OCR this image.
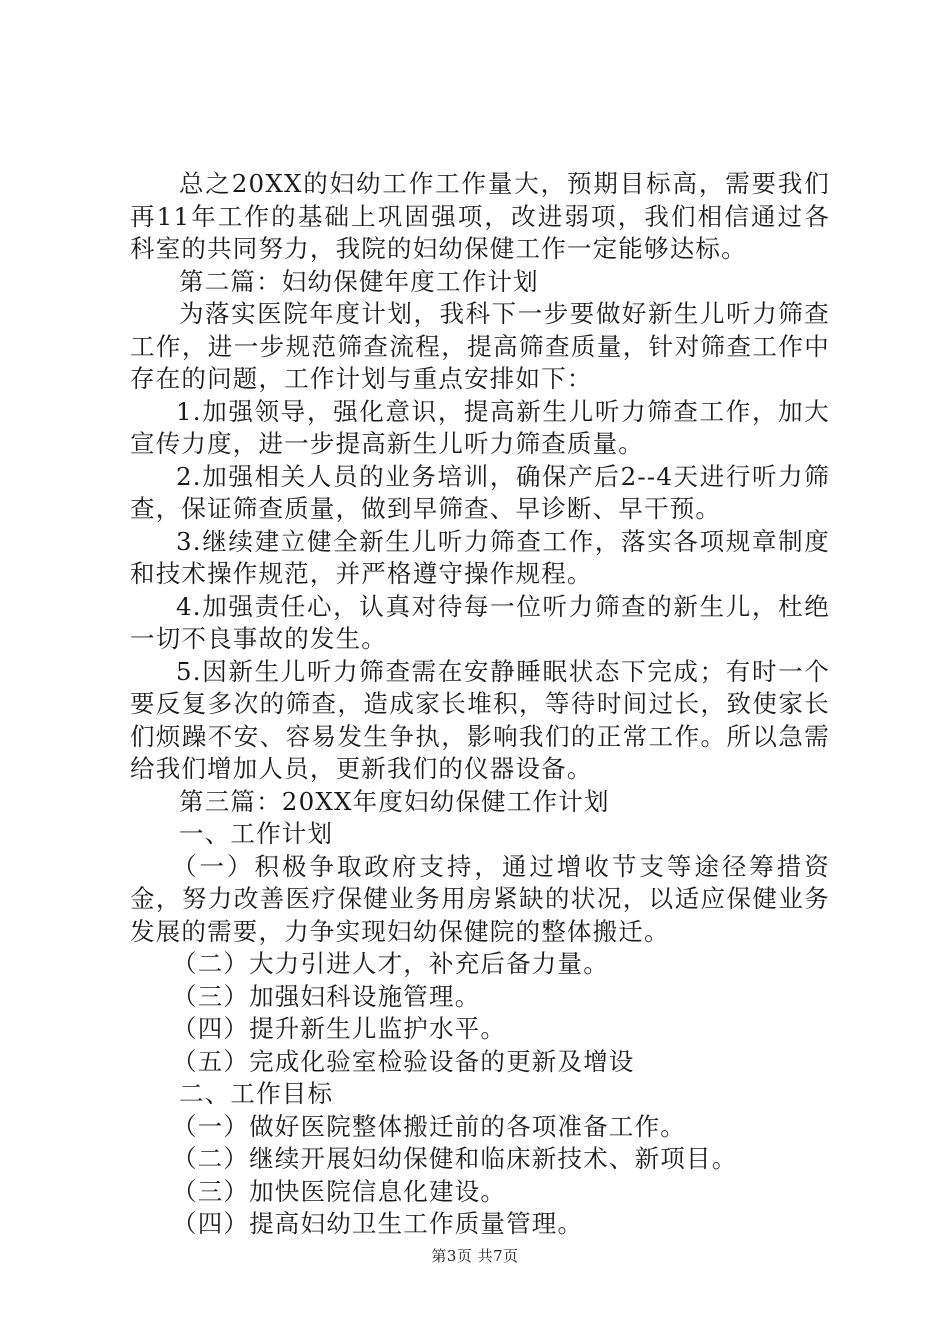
总之20XX的妇幼工作工作量大，预期目标高，需要我们再11年工作的基础上巩固强项，改进弱项，我们相信通过各科室的共同努力，我院的妇幼保健工作一定能够达标。

第二篇：妇幼保健年度工作计划

为落实医院年度计划，我科下一步要做好新生儿听力筛查工作，进一步规范筛查流程，提高筛查质量，针对筛查工作中存在的问题，工作计划与重点安排如下：

1.加强领导，强化意识，提高新生儿听力筛查工作，加大宣传力度，进一步提高新生儿听力筛查质量。

2.加强相关人员的业务培训，确保产后2--4天进行听力筛查，保证筛查质量，做到早筛查、早诊断、早干预。

3.继续建立健全新生儿听力筛查工作，落实各项规章制度和技术操作规范，并严格遵守操作规程。

4.加强责任心，认真对待每一位听力筛查的新生儿，杜绝一切不良事故的发生。

5.因新生儿听力筛查需在安静睡眠状态下完成；有时一个要反复多次的筛查，造成家长堆积，等待时间过长，致使家长们烦躁不安、容易发生争执，影响我们的正常工作。所以急需给我们增加人员，更新我们的仪器设备。

第三篇：20XX年度妇幼保健工作计划

一、工作计划

（一）积极争取政府支持，通过增收节支等途径筹措资金，努力改善医疗保健业务用房紧缺的状况，以适应保健业务发展的需要，力争实现妇幼保健院的整体搬迁。

（二）大力引进人才，补充后备力量。

（三）加强妇科设施管理。

（四）提升新生儿监护水平。

（五）完成化验室检验设备的更新及增设

二、工作目标

（一）做好医院整体搬迁前的各项准备工作。

（二）继续开展妇幼保健和临床新技术、新项目。

（三）加快医院信息化建设。

（四）提高妇幼卫生工作质量管理。

第3页 共7页
